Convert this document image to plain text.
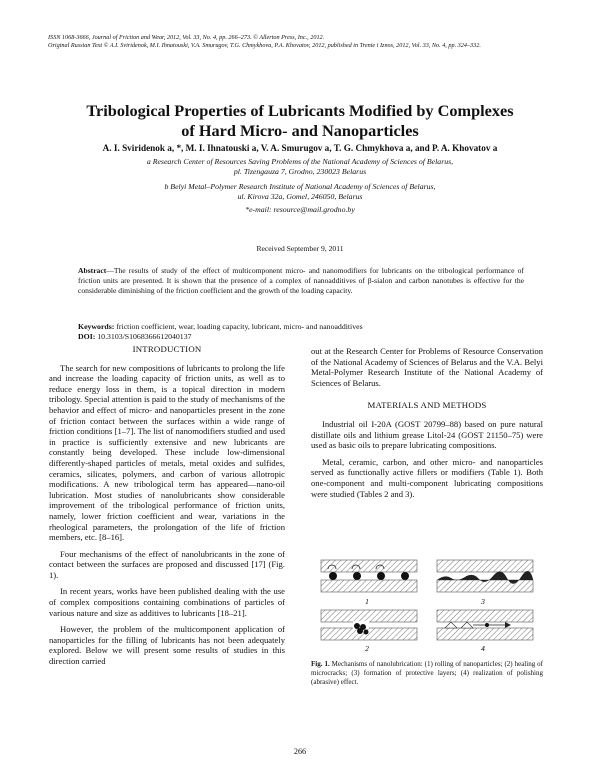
ISSN 1068-3666, Journal of Friction and Wear, 2012, Vol. 33, No. 4, pp. 266–273. © Allerton Press, Inc., 2012.
Original Russian Text © A.I. Sviridenok, M.I. Ihnatouski, V.A. Smurugov, T.G. Chmykhova, P.A. Khovatov, 2012, published in Trenie i Iznos, 2012, Vol. 33, No. 4, pp. 324–332.
Tribological Properties of Lubricants Modified by Complexes
of Hard Micro- and Nanoparticles
A. I. Sviridenok a, *, M. I. Ihnatouski a, V. A. Smurugov a, T. G. Chmykhova a, and P. A. Khovatov a
a Research Center of Resources Saving Problems of the National Academy of Sciences of Belarus,
pl. Tizengauza 7, Grodno, 230023 Belarus
b Belyi Metal–Polymer Research Institute of National Academy of Sciences of Belarus,
ul. Kirova 32a, Gomel, 246050, Belarus
*e-mail: resource@mail.grodno.by
Received September 9, 2011
Abstract—The results of study of the effect of multicomponent micro- and nanomodifiers for lubricants on the tribological performance of friction units are presented. It is shown that the presence of a complex of nanoadditives of β-sialon and carbon nanotubes is effective for the considerable diminishing of the friction coefficient and the growth of the loading capacity.
Keywords: friction coefficient, wear, loading capacity, lubricant, micro- and nanoadditives
DOI: 10.3103/S1068366612040137
INTRODUCTION

The search for new compositions of lubricants to prolong the life and increase the loading capacity of friction units, as well as to reduce energy loss in them, is a topical direction in modern tribology. Special attention is paid to the study of mechanisms of the behavior and effect of micro- and nanoparticles present in the zone of friction contact between the surfaces within a wide range of friction conditions [1–7]. The list of nanomodifiers studied and used in practice is sufficiently extensive and new lubricants are constantly being developed. These include low-dimensional differently-shaped particles of metals, metal oxides and sulfides, ceramics, silicates, polymers, and carbon of various allotropic modifications. A new tribological term has appeared—nano-oil lubrication. Most studies of nanolubricants show considerable improvement of the tribological performance of friction units, namely, lower friction coefficient and wear, variations in the rheological parameters, the prolongation of the life of friction members, etc. [8–16].

Four mechanisms of the effect of nanolubricants in the zone of contact between the surfaces are proposed and discussed [17] (Fig. 1).

In recent years, works have been published dealing with the use of complex compositions containing combinations of particles of various nature and size as additives to lubricants [18–21].

However, the problem of the multicomponent application of nanoparticles for the filling of lubricants has not been adequately explored. Below we will present some results of studies in this direction carried

out at the Research Center for Problems of Resource Conservation of the National Academy of Sciences of Belarus and the V.A. Belyi Metal-Polymer Research Institute of the National Academy of Sciences of Belarus.

MATERIALS AND METHODS

Industrial oil I-20A (GOST 20799–88) based on pure natural distillate oils and lithium grease Litol-24 (GOST 21150–75) were used as basic oils to prepare lubricating compositions.

Metal, ceramic, carbon, and other micro- and nanoparticles served as functionally active fillers or modifiers (Table 1). Both one-component and multi-component lubricating compositions were studied (Tables 2 and 3).

1	3
2	4
Fig. 1. Mechanisms of nanolubrication: (1) rolling of nanoparticles; (2) healing of microcracks; (3) formation of protective layers; (4) realization of polishing (abrasive) effect.
266
